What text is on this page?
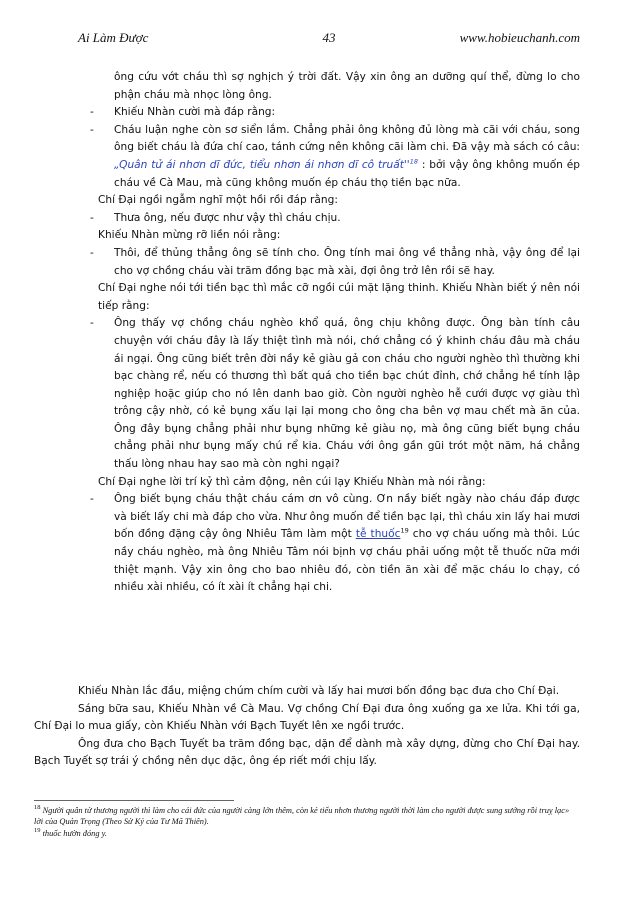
Ai Làm Được	43	www.hobieuchanh.com

ông cứu vớt cháu thì sợ nghịch ý trời đất. Vậy xin ông an dưỡng quí thể, đừng lo cho phận cháu mà nhọc lòng ông.

- Khiếu Nhàn cười mà đáp rằng:

- Cháu luận nghe còn sơ siển lắm. Chẳng phải ông không đủ lòng mà cãi với cháu, song ông biết cháu là đứa chí cao, tánh cứng nên không cãi làm chi. Đã vậy mà sách có câu: „Quân tử ái nhơn dĩ đức, tiểu nhơn ái nhơn dĩ cô truất''$^{18}$ : bởi vậy ông không muốn ép cháu về Cà Mau, mà cũng không muốn ép cháu thọ tiền bạc nữa.

Chí Đại ngồi ngẫm nghĩ một hồi rồi đáp rằng:

- Thưa ông, nếu được như vậy thì cháu chịu.

Khiếu Nhàn mừng rỡ liền nói rằng:

- Thôi, để thủng thẳng ông sẽ tính cho. Ông tính mai ông về thẳng nhà, vậy ông để lại cho vợ chồng cháu vài trăm đồng bạc mà xài, đợi ông trở lên rồi sẽ hay.

Chí Đại nghe nói tới tiền bạc thì mắc cỡ ngồi cúi mặt lặng thinh. Khiếu Nhàn biết ý nên nói tiếp rằng:

- Ông thấy vợ chồng cháu nghèo khổ quá, ông chịu không được. Ông bàn tính câu chuyện với cháu đây là lấy thiệt tình mà nói, chớ chẳng có ý khinh cháu đâu mà cháu ái ngại. Ông cũng biết trên đời nầy kẻ giàu gả con cháu cho người nghèo thì thường khi bạc chàng rể, nếu có thương thì bất quá cho tiền bạc chút đỉnh, chớ chẳng hề tính lập nghiệp hoặc giúp cho nó lên danh bao giờ. Còn người nghèo hễ cưới được vợ giàu thì trông cậy nhờ, có kẻ bụng xấu lại lại mong cho ông cha bên vợ mau chết mà ăn của. Ông đây bụng chẳng phải như bụng những kẻ giàu nọ, mà ông cũng biết bụng cháu chẳng phải như bụng mấy chú rể kia. Cháu với ông gần gũi trót một năm, há chẳng thấu lòng nhau hay sao mà còn nghi ngại?

Chí Đại nghe lời trí kỷ thì cảm động, nên cúi lạy Khiếu Nhàn mà nói rằng:

- Ông biết bụng cháu thật cháu cám ơn vô cùng. Ơn nầy biết ngày nào cháu đáp được và biết lấy chi mà đáp cho vừa. Như ông muốn để tiền bạc lại, thì cháu xin lấy hai mươi bốn đồng đặng cậy ông Nhiêu Tâm làm một tễ thuốc$^{19}$ cho vợ cháu uống mà thôi. Lúc nầy cháu nghèo, mà ông Nhiêu Tâm nói bịnh vợ cháu phải uống một tễ thuốc nữa mới thiệt mạnh. Vậy xin ông cho bao nhiêu đó, còn tiền ăn xài để mặc cháu lo chạy, có nhiều xài nhiều, có ít xài ít chẳng hại chi.

Khiếu Nhàn lắc đầu, miệng chúm chím cười và lấy hai mươi bốn đồng bạc đưa cho Chí Đại.

Sáng bữa sau, Khiếu Nhàn về Cà Mau. Vợ chồng Chí Đại đưa ông xuống ga xe lửa. Khi tới ga, Chí Đại lo mua giấy, còn Khiếu Nhàn với Bạch Tuyết lên xe ngồi trước.

Ông đưa cho Bạch Tuyết ba trăm đồng bạc, dặn để dành mà xây dựng, đừng cho Chí Đại hay. Bạch Tuyết sợ trái ý chồng nên dục dặc, ông ép riết mới chịu lấy.

$^{18}$ Người quân tử thương người thì làm cho cái đức của người càng lớn thêm, còn kẻ tiểu nhơn thương người thời làm cho người được sung sướng rồi truỵ lạc» lời của Quản Trọng (Theo Sử Ký của Tư Mã Thiên).

$^{19}$ thuốc hườn đóng y.
